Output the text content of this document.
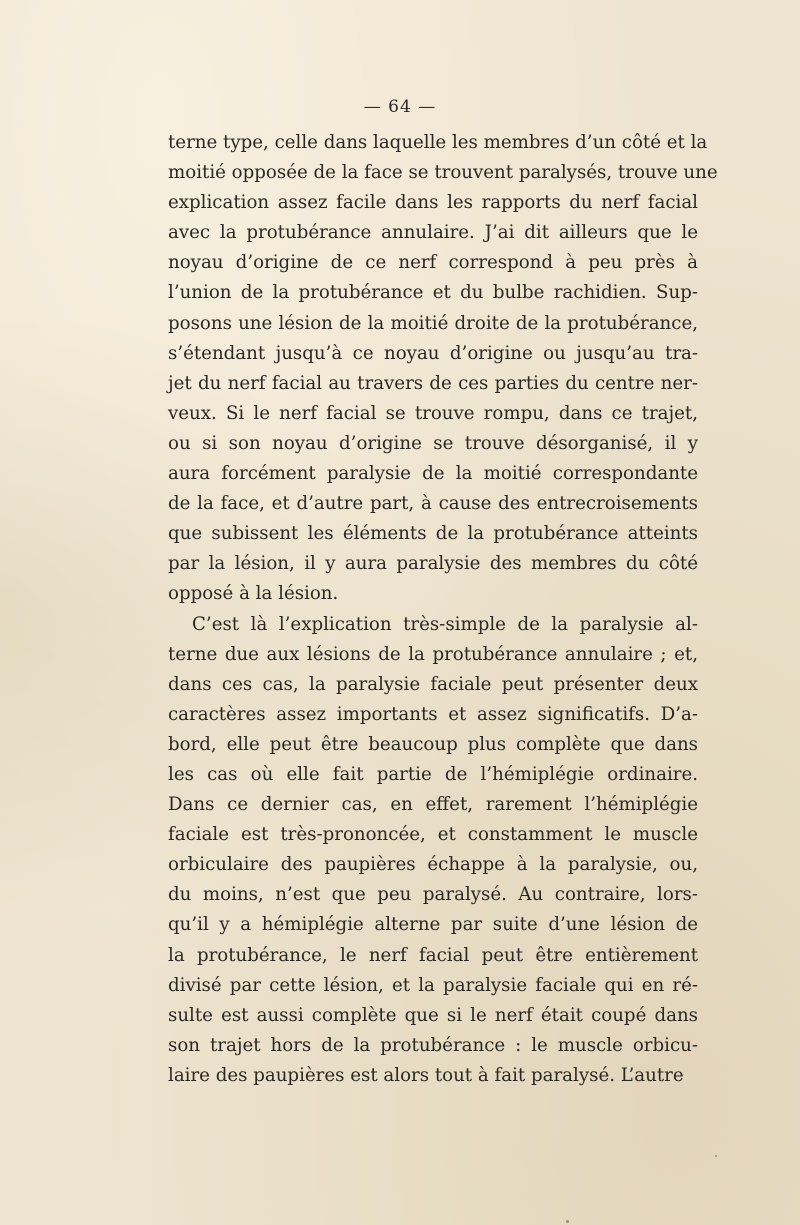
— 64 —
terne type, celle dans laquelle les membres d’un côté et la
moitié opposée de la face se trouvent paralysés, trouve une
explication assez facile dans les rapports du nerf facial
avec la protubérance annulaire. J’ai dit ailleurs que le
noyau d’origine de ce nerf correspond à peu près à
l’union de la protubérance et du bulbe rachidien. Sup-
posons une lésion de la moitié droite de la protubérance,
s’étendant jusqu’à ce noyau d’origine ou jusqu’au tra-
jet du nerf facial au travers de ces parties du centre ner-
veux. Si le nerf facial se trouve rompu, dans ce trajet,
ou si son noyau d’origine se trouve désorganisé, il y
aura forcément paralysie de la moitié correspondante
de la face, et d’autre part, à cause des entrecroisements
que subissent les éléments de la protubérance atteints
par la lésion, il y aura paralysie des membres du côté
opposé à la lésion.
C’est là l’explication très-simple de la paralysie al-
terne due aux lésions de la protubérance annulaire ; et,
dans ces cas, la paralysie faciale peut présenter deux
caractères assez importants et assez significatifs. D’a-
bord, elle peut être beaucoup plus complète que dans
les cas où elle fait partie de l’hémiplégie ordinaire.
Dans ce dernier cas, en effet, rarement l’hémiplégie
faciale est très-prononcée, et constamment le muscle
orbiculaire des paupières échappe à la paralysie, ou,
du moins, n’est que peu paralysé. Au contraire, lors-
qu’il y a hémiplégie alterne par suite d’une lésion de
la protubérance, le nerf facial peut être entièrement
divisé par cette lésion, et la paralysie faciale qui en ré-
sulte est aussi complète que si le nerf était coupé dans
son trajet hors de la protubérance : le muscle orbicu-
laire des paupières est alors tout à fait paralysé. L’autre
